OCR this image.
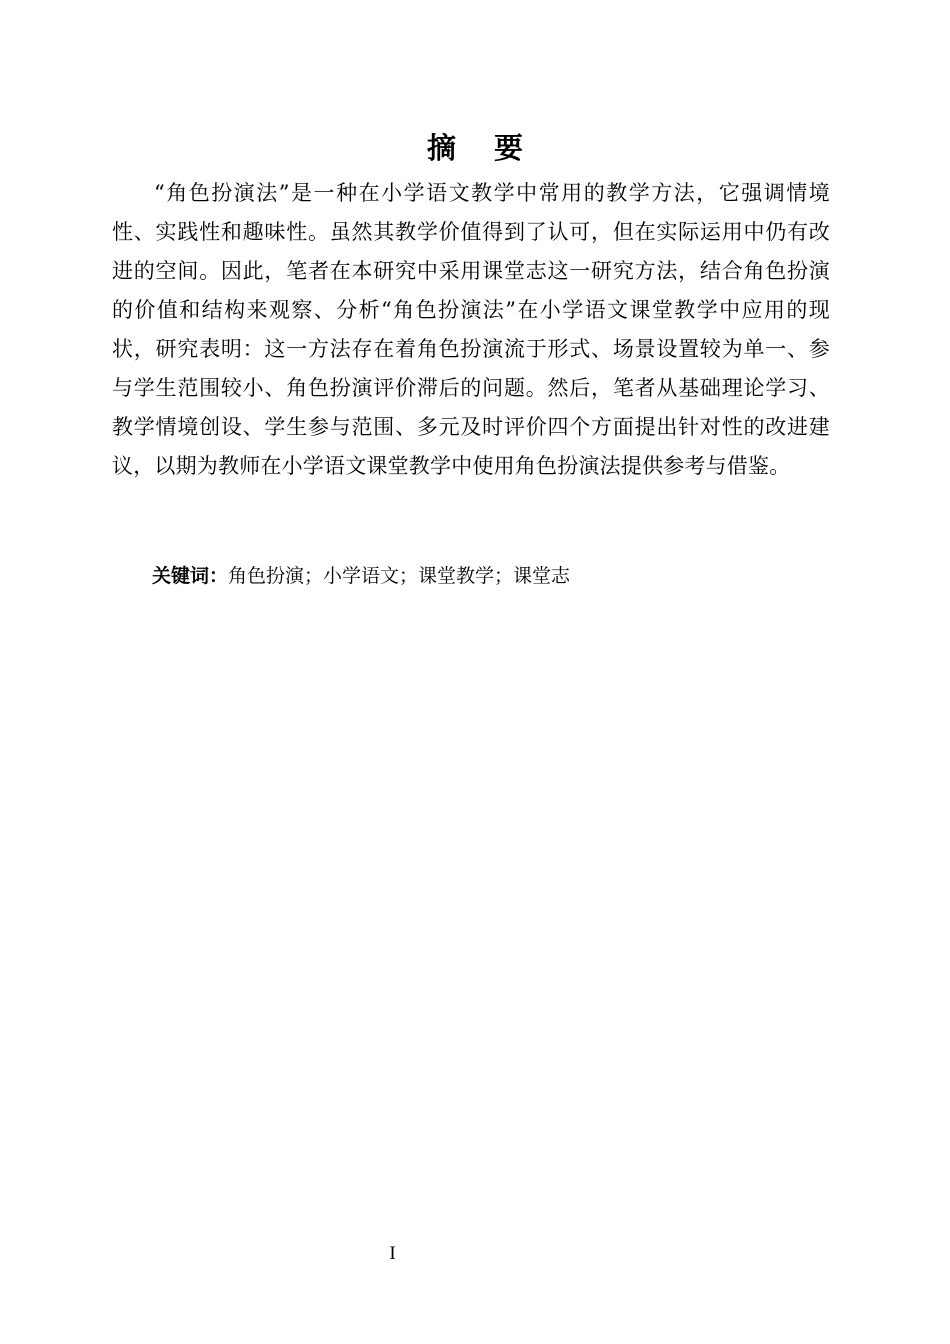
摘要

“角色扮演法”是一种在小学语文教学中常用的教学方法，它强调情境性、实践性和趣味性。虽然其教学价值得到了认可，但在实际运用中仍有改进的空间。因此，笔者在本研究中采用课堂志这一研究方法，结合角色扮演的价值和结构来观察、分析“角色扮演法”在小学语文课堂教学中应用的现状，研究表明：这一方法存在着角色扮演流于形式、场景设置较为单一、参与学生范围较小、角色扮演评价滞后的问题。然后，笔者从基础理论学习、教学情境创设、学生参与范围、多元及时评价四个方面提出针对性的改进建议，以期为教师在小学语文课堂教学中使用角色扮演法提供参考与借鉴。

关键词：角色扮演；小学语文；课堂教学；课堂志
I
